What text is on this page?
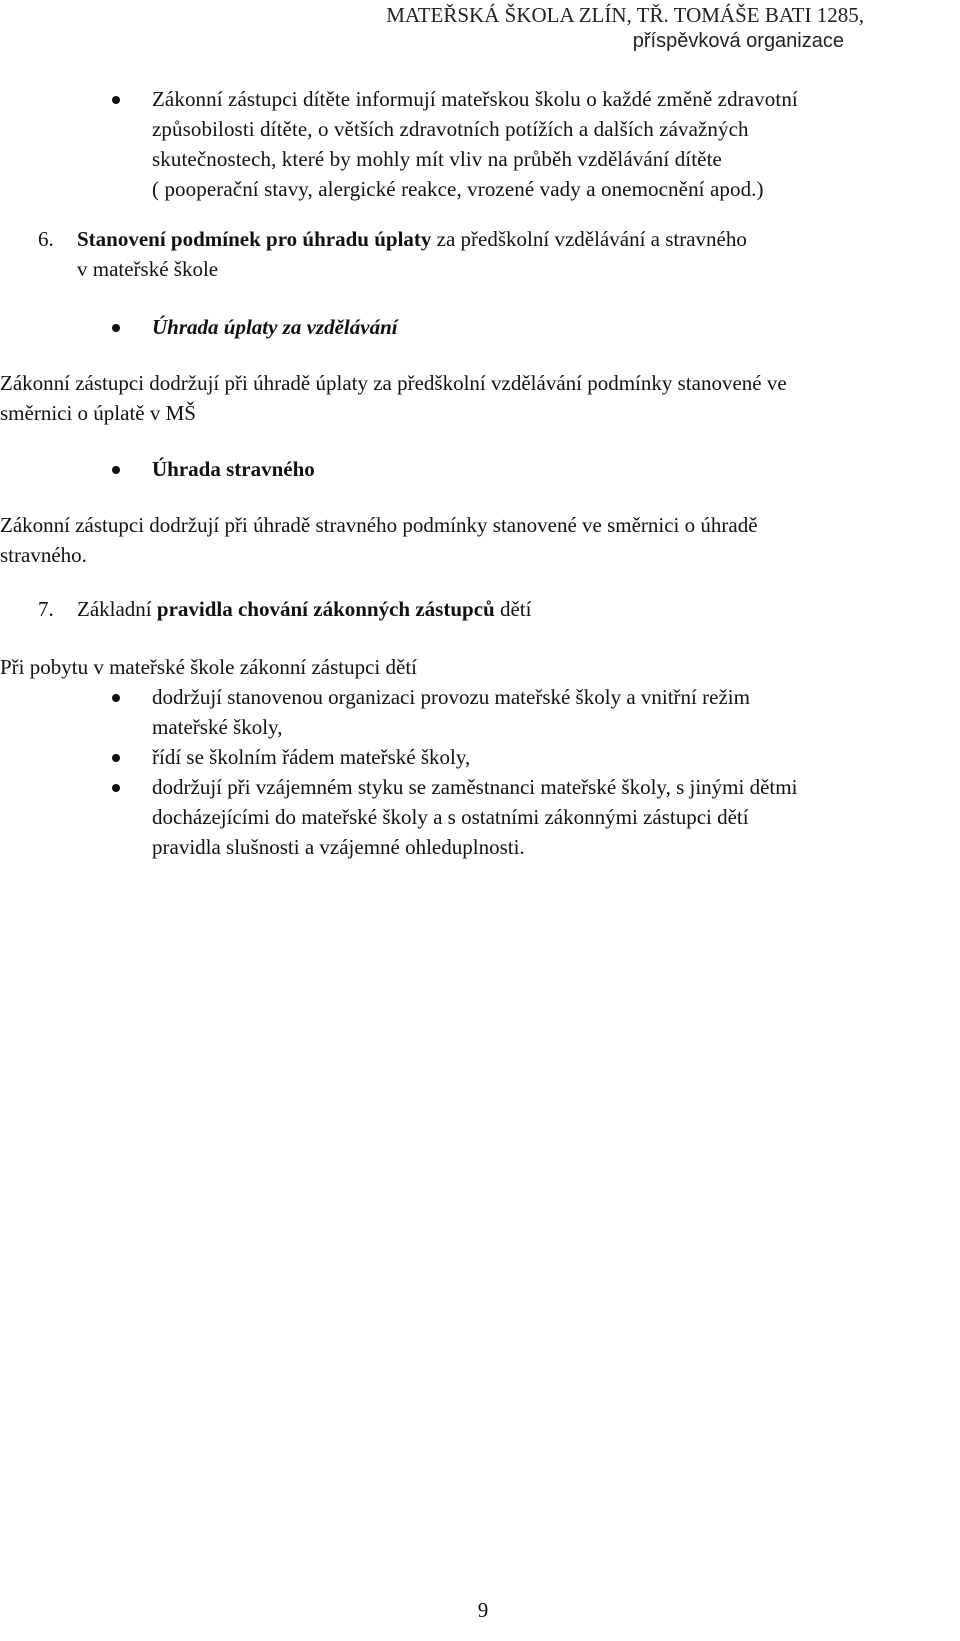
MATEŘSKÁ ŠKOLA ZLÍN, TŘ. TOMÁŠE BATI 1285,
příspěvková organizace
Zákonní zástupci dítěte informují mateřskou školu o každé změně zdravotní
způsobilosti dítěte, o větších zdravotních potížích a dalších závažných
skutečnostech, které by mohly mít vliv na průběh vzdělávání dítěte
( pooperační stavy, alergické reakce, vrozené vady a onemocnění apod.)
6. Stanovení podmínek pro úhradu úplaty za předškolní vzdělávání a stravného
v mateřské škole
Úhrada úplaty za vzdělávání
Zákonní zástupci dodržují při úhradě úplaty za předškolní vzdělávání podmínky stanovené ve
směrnici o úplatě v MŠ
Úhrada stravného
Zákonní zástupci dodržují při úhradě stravného podmínky stanovené ve směrnici o úhradě
stravného.
7. Základní pravidla chování zákonných zástupců dětí
Při pobytu v mateřské škole zákonní zástupci dětí
dodržují stanovenou organizaci provozu mateřské školy a vnitřní režim
mateřské školy,
řídí se školním řádem mateřské školy,
dodržují při vzájemném styku se zaměstnanci mateřské školy, s jinými dětmi
docházejícími do mateřské školy a s ostatními zákonnými zástupci dětí
pravidla slušnosti a vzájemné ohleduplnosti.
9
